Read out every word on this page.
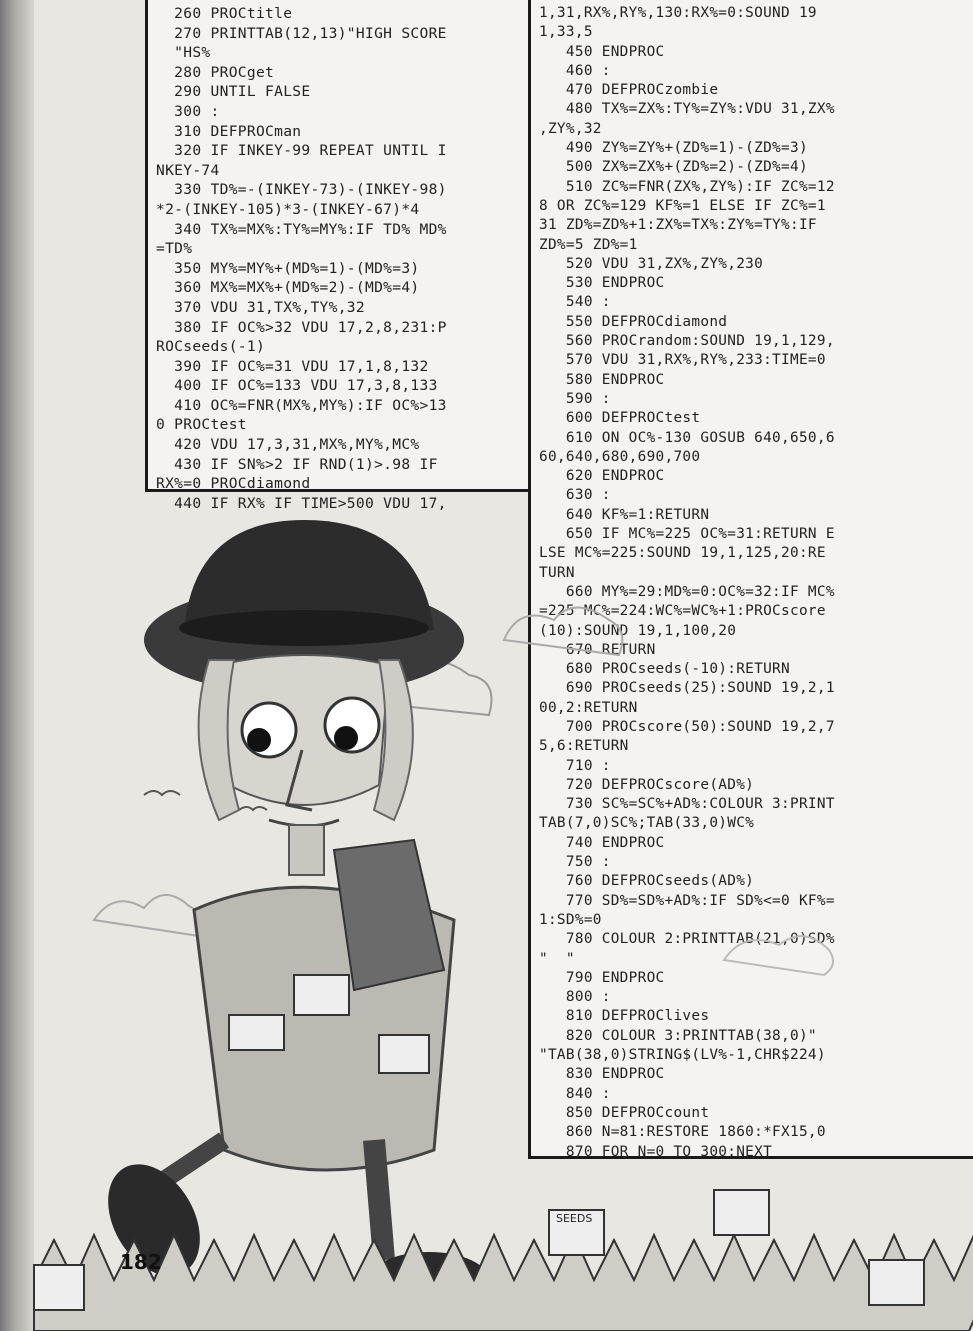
260 PROCtitle
270 PRINTTAB(12,13)"HIGH SCORE
"HS%
280 PROCget
290 UNTIL FALSE
300 :
310 DEFPROCman
320 IF INKEY-99 REPEAT UNTIL I
NKEY-74
330 TD%=-(INKEY-73)-(INKEY-98)
*2-(INKEY-105)*3-(INKEY-67)*4
340 TX%=MX%:TY%=MY%:IF TD% MD%
=TD%
350 MY%=MY%+(MD%=1)-(MD%=3)
360 MX%=MX%+(MD%=2)-(MD%=4)
370 VDU 31,TX%,TY%,32
380 IF OC%>32 VDU 17,2,8,231:P
ROCseeds(-1)
390 IF OC%=31 VDU 17,1,8,132
400 IF OC%=133 VDU 17,3,8,133
410 OC%=FNR(MX%,MY%):IF OC%>13
0 PROCtest
420 VDU 17,3,31,MX%,MY%,MC%
430 IF SN%>2 IF RND(1)>.98 IF
RX%=0 PROCdiamond
440 IF RX% IF TIME>500 VDU 17,
1,31,RX%,RY%,130:RX%=0:SOUND 19
1,33,5
450 ENDPROC
460 :
470 DEFPROCzombie
480 TX%=ZX%:TY%=ZY%:VDU 31,ZX%
,ZY%,32
490 ZY%=ZY%+(ZD%=1)-(ZD%=3)
500 ZX%=ZX%+(ZD%=2)-(ZD%=4)
510 ZC%=FNR(ZX%,ZY%):IF ZC%=12
8 OR ZC%=129 KF%=1 ELSE IF ZC%=1
31 ZD%=ZD%+1:ZX%=TX%:ZY%=TY%:IF
ZD%=5 ZD%=1
520 VDU 31,ZX%,ZY%,230
530 ENDPROC
540 :
550 DEFPROCdiamond
560 PROCrandom:SOUND 19,1,129,
570 VDU 31,RX%,RY%,233:TIME=0
580 ENDPROC
590 :
600 DEFPROCtest
610 ON OC%-130 GOSUB 640,650,6
60,640,680,690,700
620 ENDPROC
630 :
640 KF%=1:RETURN
650 IF MC%=225 OC%=31:RETURN E
LSE MC%=225:SOUND 19,1,125,20:RE
TURN
660 MY%=29:MD%=0:OC%=32:IF MC%
=225 MC%=224:WC%=WC%+1:PROCscore
(10):SOUND 19,1,100,20
670 RETURN
680 PROCseeds(-10):RETURN
690 PROCseeds(25):SOUND 19,2,1
00,2:RETURN
700 PROCscore(50):SOUND 19,2,7
5,6:RETURN
710 :
720 DEFPROCscore(AD%)
730 SC%=SC%+AD%:COLOUR 3:PRINT
TAB(7,0)SC%;TAB(33,0)WC%
740 ENDPROC
750 :
760 DEFPROCseeds(AD%)
770 SD%=SD%+AD%:IF SD%<=0 KF%=
1:SD%=0
780 COLOUR 2:PRINTTAB(21,0)SD%
"  "
790 ENDPROC
800 :
810 DEFPROClives
820 COLOUR 3:PRINTTAB(38,0)"
"TAB(38,0)STRING$(LV%-1,CHR$224)
830 ENDPROC
840 :
850 DEFPROCcount
860 N=81:RESTORE 1860:*FX15,0
870 FOR N=0 TO 300:NEXT
SEEDS
182
